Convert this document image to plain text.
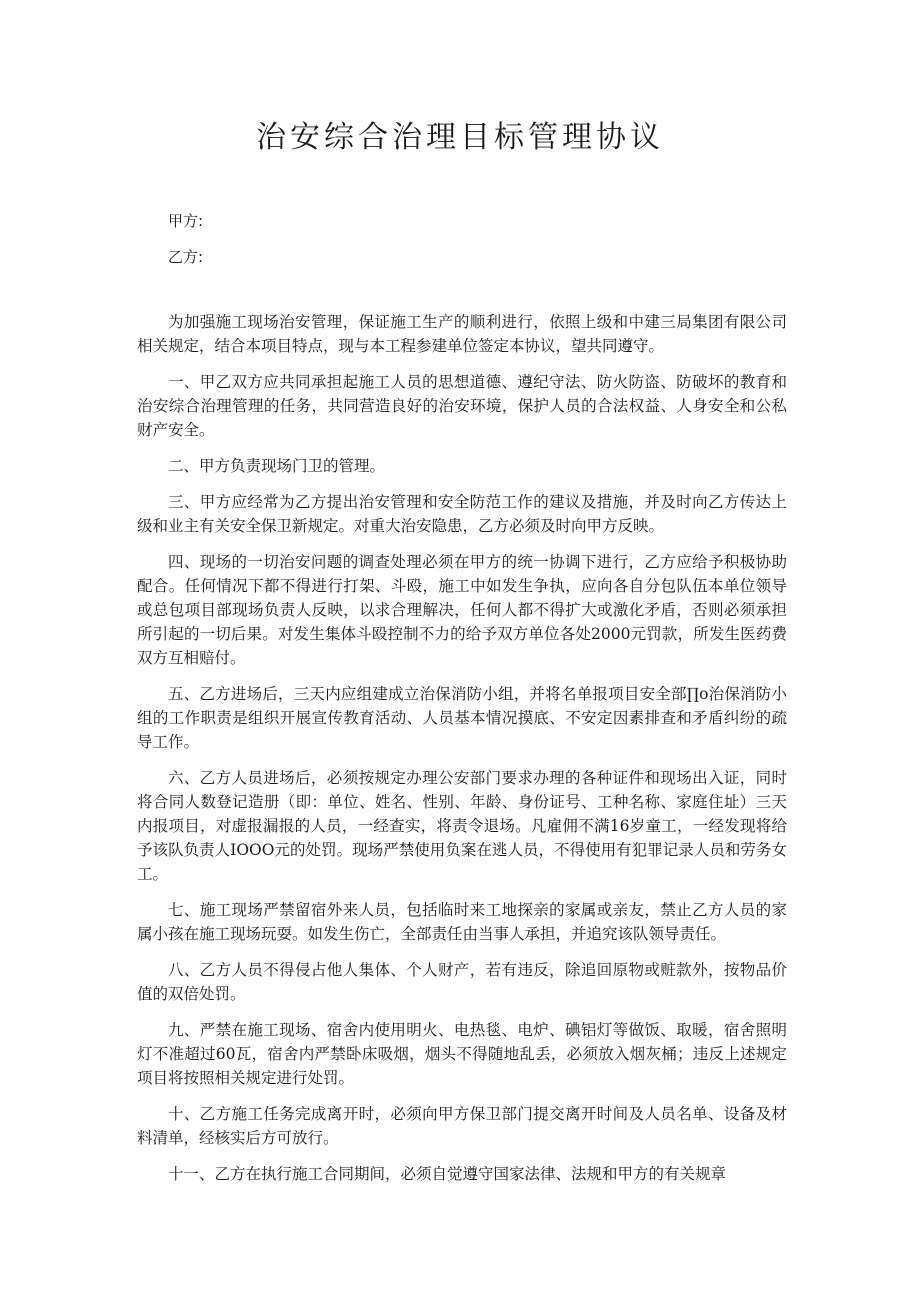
治安综合治理目标管理协议
甲方:
乙方:

为加强施工现场治安管理，保证施工生产的顺利进行，依照上级和中建三局集团有限公司相关规定，结合本项目特点，现与本工程参建单位签定本协议，望共同遵守。

一、甲乙双方应共同承担起施工人员的思想道德、遵纪守法、防火防盗、防破坏的教育和治安综合治理管理的任务，共同营造良好的治安环境，保护人员的合法权益、人身安全和公私财产安全。

二、甲方负责现场门卫的管理。

三、甲方应经常为乙方提出治安管理和安全防范工作的建议及措施，并及时向乙方传达上级和业主有关安全保卫新规定。对重大治安隐患，乙方必须及时向甲方反映。

四、现场的一切治安问题的调查处理必须在甲方的统一协调下进行，乙方应给予积极协助配合。任何情况下都不得进行打架、斗殴，施工中如发生争执，应向各自分包队伍本单位领导或总包项目部现场负责人反映，以求合理解决，任何人都不得扩大或激化矛盾，否则必须承担所引起的一切后果。对发生集体斗殴控制不力的给予双方单位各处2000元罚款，所发生医药费双方互相赔付。

五、乙方进场后，三天内应组建成立治保消防小组，并将名单报项目安全部∏o治保消防小组的工作职责是组织开展宣传教育活动、人员基本情况摸底、不安定因素排查和矛盾纠纷的疏导工作。

六、乙方人员进场后，必须按规定办理公安部门要求办理的各种证件和现场出入证，同时将合同人数登记造册（即：单位、姓名、性别、年龄、身份证号、工种名称、家庭住址）三天内报项目，对虚报漏报的人员，一经查实，将责令退场。凡雇佣不满16岁童工，一经发现将给予该队负责人IOOO元的处罚。现场严禁使用负案在逃人员，不得使用有犯罪记录人员和劳务女工。

七、施工现场严禁留宿外来人员，包括临时来工地探亲的家属或亲友，禁止乙方人员的家属小孩在施工现场玩耍。如发生伤亡，全部责任由当事人承担，并追究该队领导责任。

八、乙方人员不得侵占他人集体、个人财产，若有违反，除追回原物或赃款外，按物品价值的双倍处罚。

九、严禁在施工现场、宿舍内使用明火、电热毯、电炉、碘铝灯等做饭、取暖，宿舍照明灯不准超过60瓦，宿舍内严禁卧床吸烟，烟头不得随地乱丢，必须放入烟灰桶；违反上述规定项目将按照相关规定进行处罚。

十、乙方施工任务完成离开时，必须向甲方保卫部门提交离开时间及人员名单、设备及材料清单，经核实后方可放行。

十一、乙方在执行施工合同期间，必须自觉遵守国家法律、法规和甲方的有关规章
